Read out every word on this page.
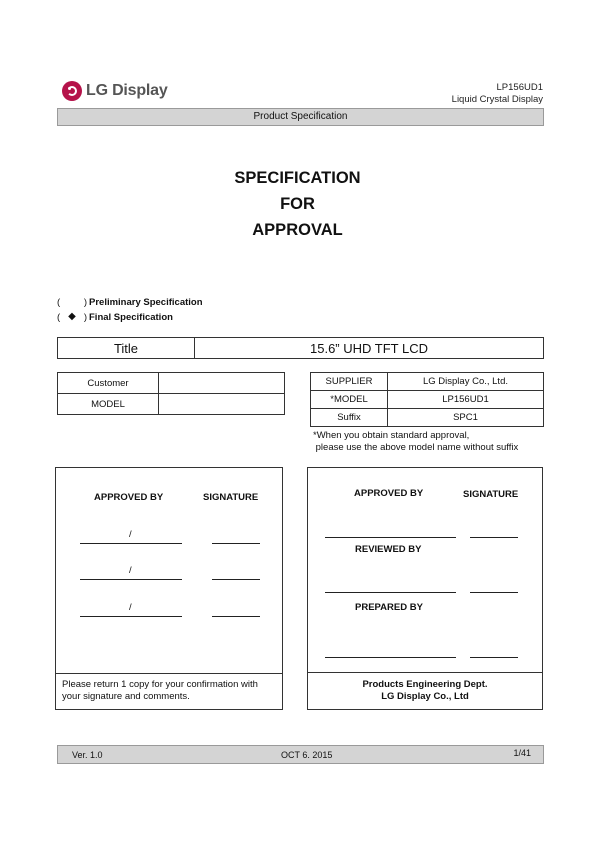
LG Display	LP156UD1
Liquid Crystal Display
Product Specification
SPECIFICATION
FOR
APPROVAL
( ) Preliminary Specification
( ◆ ) Final Specification
Title	15.6” UHD TFT LCD
Customer	
MODEL	
SUPPLIER	LG Display Co., Ltd.
*MODEL	LP156UD1
Suffix	SPC1
*When you obtain standard approval,
please use the above model name without suffix
APPROVED BY	SIGNATURE
/
/
/
Please return 1 copy for your confirmation with
your signature and comments.
APPROVED BY	SIGNATURE
REVIEWED BY
PREPARED BY
Products Engineering Dept.
LG Display Co., Ltd
Ver. 1.0	OCT 6. 2015	1/41
